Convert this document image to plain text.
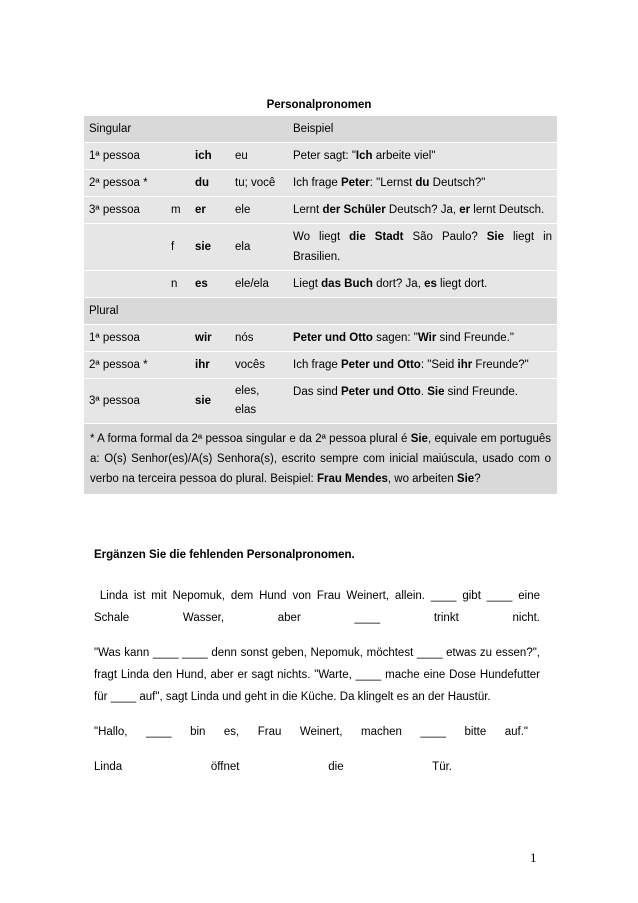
Personalpronomen
Singular				Beispiel
1ª pessoa		ich	eu	Peter sagt: "Ich arbeite viel"
2ª pessoa *		du	tu; você	Ich frage Peter: "Lernst du Deutsch?"
3ª pessoa	m	er	ele	Lernt der Schüler Deutsch? Ja, er lernt Deutsch.
	f	sie	ela	Wo liegt die Stadt São Paulo? Sie liegt in Brasilien.
	n	es	ele/ela	Liegt das Buch dort? Ja, es liegt dort.
Plural				
1ª pessoa		wir	nós	Peter und Otto sagen: "Wir sind Freunde."
2ª pessoa *		ihr	vocês	Ich frage Peter und Otto: "Seid ihr Freunde?"
3ª pessoa		sie	eles, elas	Das sind Peter und Otto. Sie sind Freunde.
* A forma formal da 2ª pessoa singular e da 2ª pessoa plural é Sie, equivale em português a: O(s) Senhor(es)/A(s) Senhora(s), escrito sempre com inicial maiúscula, usado com o verbo na terceira pessoa do plural. Beispiel: Frau Mendes, wo arbeiten Sie?				
Ergänzen Sie die fehlenden Personalpronomen.

Linda ist mit Nepomuk, dem Hund von Frau Weinert, allein. ____ gibt ____ eine Schale Wasser, aber ____ trinkt nicht.

"Was kann ____ ____ denn sonst geben, Nepomuk, möchtest ____ etwas zu essen?", fragt Linda den Hund, aber er sagt nichts. "Warte, ____ mache eine Dose Hundefutter für ____ auf", sagt Linda und geht in die Küche. Da klingelt es an der Haustür.

"Hallo, ____ bin es, Frau Weinert, machen ____ bitte auf."

Linda öffnet die Tür.

1
